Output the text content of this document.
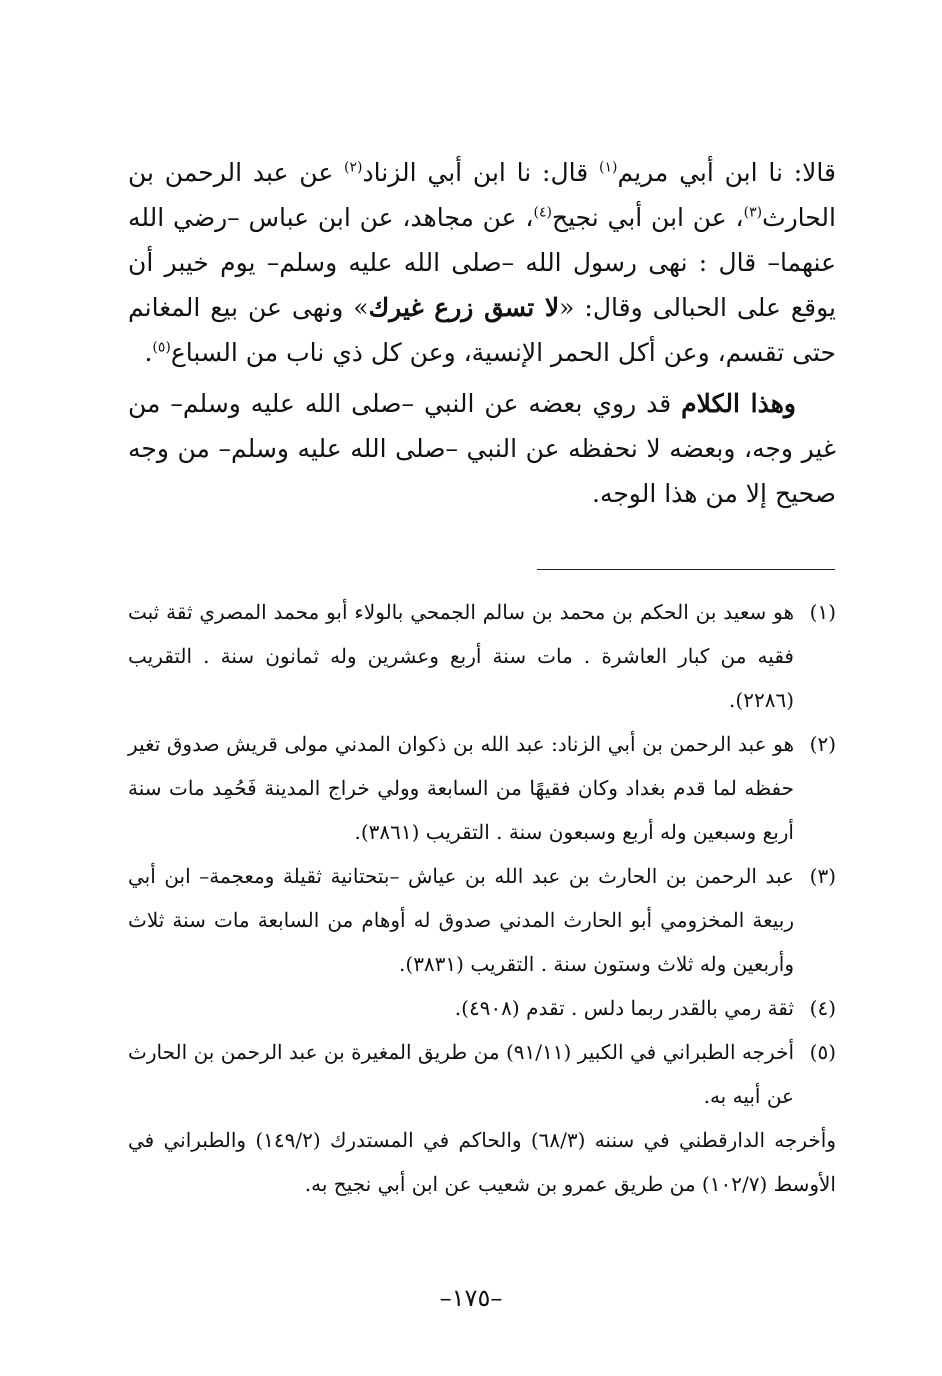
قالا: نا ابن أبي مريم$^{(١)}$ قال: نا ابن أبي الزناد$^{(٢)}$ عن عبد الرحمن بن الحارث$^{(٣)}$، عن ابن أبي نجيح$^{(٤)}$، عن مجاهد، عن ابن عباس –رضي الله عنهما– قال : نهى رسول الله –صلى الله عليه وسلم– يوم خيبر أن يوقع على الحبالى وقال: «لا تسق زرع غيرك» ونهى عن بيع المغانم حتى تقسم، وعن أكل الحمر الإنسية، وعن كل ذي ناب من السباع$^{(٥)}$.

وهذا الكلام قد روي بعضه عن النبي –صلى الله عليه وسلم– من غير وجه، وبعضه لا نحفظه عن النبي –صلى الله عليه وسلم– من وجه صحيح إلا من هذا الوجه.

(١)
هو سعيد بن الحكم بن محمد بن سالم الجمحي بالولاء أبو محمد المصري ثقة ثبت فقيه من كبار العاشرة . مات سنة أربع وعشرين وله ثمانون سنة . التقريب (٢٢٨٦).
(٢)
هو عبد الرحمن بن أبي الزناد: عبد الله بن ذكوان المدني مولى قريش صدوق تغير حفظه لما قدم بغداد وكان فقيهًا من السابعة وولي خراج المدينة فَحُمِد مات سنة أربع وسبعين وله أربع وسبعون سنة . التقريب (٣٨٦١).
(٣)
عبد الرحمن بن الحارث بن عبد الله بن عياش –بتحتانية ثقيلة ومعجمة– ابن أبي ربيعة المخزومي أبو الحارث المدني صدوق له أوهام من السابعة مات سنة ثلاث وأربعين وله ثلاث وستون سنة . التقريب (٣٨٣١).
(٤)
ثقة رمي بالقدر ربما دلس . تقدم (٤٩٠٨).
(٥)
أخرجه الطبراني في الكبير (٩١/١١) من طريق المغيرة بن عبد الرحمن بن الحارث عن أبيه به.
وأخرجه الدارقطني في سننه (٦٨/٣) والحاكم في المستدرك (١٤٩/٢) والطبراني في الأوسط (١٠٢/٧) من طريق عمرو بن شعيب عن ابن أبي نجيح به.
–١٧٥–
